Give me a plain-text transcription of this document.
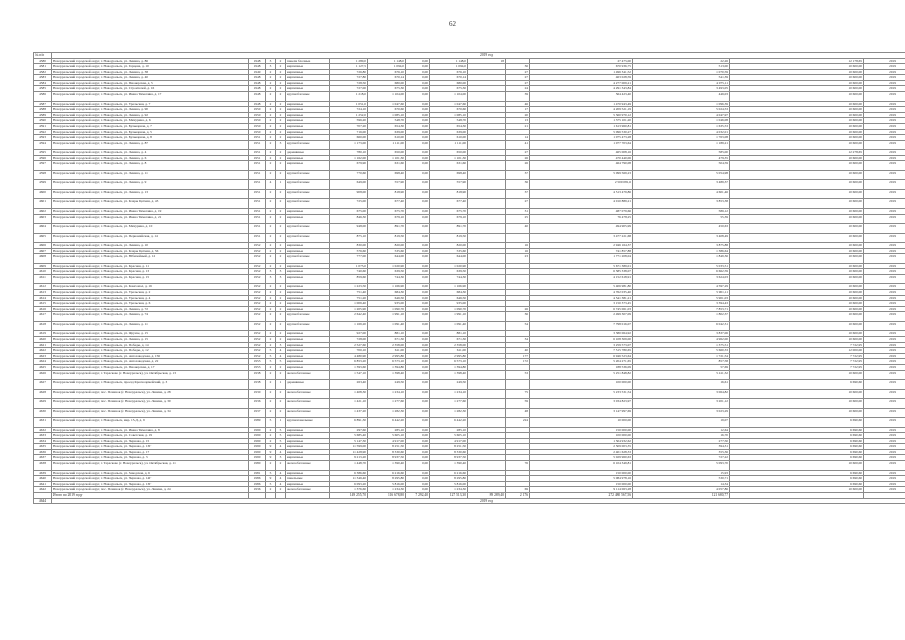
62
№ п/п	2019 год														
4580	Новоуральский городской округ, г. Новоуральск, ул. Ленина, д. 86	1948	3	2	панели блочные	1 280,0	1 148,0	0,00	1 148,0	18		27 475,00	22,26	12 178,65	2019
4581	Новоуральский городской округ, г. Новоуральск, ул. Герцена, д. 10	1948	3	2	кирпичные	1 127,5	1 094,0	0,00	1 094,0		36	670 936,75	513,00	10 600,00	2019
4582	Новоуральский городской округ, г. Новоуральск, ул. Ленина, д. 38	1949	2	2	кирпичные	726,80	676,10	0,00	676,10		27	1 496 341,52	1 070,59	10 600,00	2019
4583	Новоуральский городской округ, г. Новоуральск, ул. Ленина, д. 40	1948	2	2	кирпичные	727,80	670,14	0,00	670,14		27	463 028,59	541,39	10 600,00	2019
4584	Новоуральский городской округ, г. Новоуральск, ул. Пионерская, д. 5	1948	2	2	кирпичные	728,50	680,00	0,00	680,00		27	4 277 009,21	4 075,11	10 600,00	2019
4585	Новоуральский городской округ, г. Новоуральск, ул. Строителей, д. 16	1948	2	2	кирпичные	727,00	675,30	0,00	675,30		24	4 291 343,84	3 493,05	10 600,00	2019
4586	Новоуральский городской округ, г. Новоуральск, ул. Ивана Тимохина, д. 17	1948	2	2	крупноблочные	1 218,0	1 104,00	0,00	1 104,00		39	564 423,40	446,03	10 600,00	2019
4587	Новоуральский городской округ, г. Новоуральск, ул. Уральская, д. 7	1948	2	2	кирпичные	1 051,0	1 047,60	0,00	1 047,60		46	1 470 943,49	1 096,39	10 600,00	2019
4588	Новоуральский городской округ, г. Новоуральск, ул. Ленина, д. 90	1950	2	2	кирпичные	724,10	670,60	0,00	670,60		17	4 209 521,19	5 024,53	10 600,00	2019
4589	Новоуральский городской округ, г. Новоуральск, ул. Ленина, д. 92	1950	2	2	кирпичные	1 252,0	1 085,10	0,00	1 085,10		20	5 360 970,12	4 047,97	10 600,00	2019
4590	Новоуральский городской округ, г. Новоуральск, ул. Мичурина, д. 6	1950	2	2	кирпичные	596,20	548,70	0,00	548,70		13	1 375 101,20	1 046,08	10 600,00	2019
4591	Новоуральский городской округ, г. Новоуральск, ул. Бульварная, д. 7	1950	2	2	кирпичные	707,20	654,30	0,00	654,30		21	1 613 960,81	1 635,53	10 600,00	2019
4592	Новоуральский городской округ, г. Новоуральск, ул. Бульварная, д. 5	1950	2	2	кирпичные	716,00	639,00	0,00	639,00			5 096 530,27	4 032,01	10 600,00	2019
4593	Новоуральский городской округ, г. Новоуральск, ул. Бульварная, д. 8	1951	2	2	кирпичные	660,00	610,00	0,00	610,00		14	1 075 473,28	1 763,08	10 600,00	2019
4594	Новоуральский городской округ, г. Новоуральск, ул. Ленина, д. 87	1951	2	3	крупноблочные	1 173,00	1 111,00	0,00	1 111,00		41	1 077 703,64	1 189,21	10 600,00	2019
4595	Новоуральский городской округ, г. Новоуральск, ул. Ленина, д. 4	1951	2	2	деревянные	780,10	650,00	0,00	650,00		27	465 008,16	585,00	12 278,65	2019
4596	Новоуральский городской округ, г. Новоуральск, ул. Ленина, д. 6	1951	2	2	кирпичные	1 162,00	1 101,30	0,00	1 101,30		26	470 440,06	479,35	10 600,00	2019
4597	Новоуральский городской округ, г. Новоуральск, ул. Ленина, д. 8	1951	2	2	кирпичные	679,90	631,60	0,00	631,60		26	464 790,08	504,59	10 600,00	2019
4598	Новоуральский городской округ, г. Новоуральск, ул. Ленина, д. 11	1951	2	2	крупноблочные	770,60	698,40	0,00	698,40		37	5 099 569,23	5 054,98	10 600,00	2019
4599	Новоуральский городской округ, г. Новоуральск, ул. Ленина, д. 9	1951	4	1	крупноблочные	649,00	557,90	0,00	557,90		36	2 500 081,6	3 489,37	10 600,00	2019
4600	Новоуральский городской округ, г. Новоуральск, ул. Ленина, д. 13	1951	2	2	крупноблочные	908,00	818,90	0,00	818,90		37	4 513 479,86	4 601,46	10 600,00	2019
4601	Новоуральский городской округ, г. Новоуральск, ул. Клары Цеткин, д. 43	1951	2	2	крупноблочные	725,00	677,40	0,00	677,40		27	4 010 889,21	3 853,38	10 600,00	2019
4602	Новоуральский городской округ, г. Новоуральск, ул. Ивана Тимохина, д. 19	1951	2	2	кирпичные	675,00	675,70	0,00	675,70		31	487 079,66	586,12	10 600,00	2019
4603	Новоуральский городской округ, г. Новоуральск, ул. Ивана Тимохина, д. 21	1951	2	2	кирпичные	846,30	679,10	0,00	679,10		25	76 478,25	55,39	10 600,00	2019
4604	Новоуральский городской округ, г. Новоуральск, ул. Мичурина, д. 10	1951	2	2	крупноблочные	948,00	891,70	0,00	891,70		40	494 905,99	450,63	10 600,00	2019
4605	Новоуральский городской округ, г. Новоуральск, ул. Первомайская, д. 14	1951	2	2	крупноблочные	875,10	819,50	0,00	819,50			3 477 221,68	3 408,49	10 600,00	2019
4606	Новоуральский городской округ, г. Новоуральск, ул. Ленина, д. 10	1952	2	2	кирпичные	830,00	820,00	0,00	820,00		16	2 946 164,37	3 875,88	10 600,00	2019
4607	Новоуральский городской округ, г. Новоуральск, ул. Клары Цеткин, д. 56	1952	2	2	кирпичные	576,60	535,60	0,00	535,60		16	741 857,88	1 386,64	10 600,00	2019
4608	Новоуральский городской округ, г. Новоуральск, ул. Юбилейный, д. 12	1952	2	2	крупноблочные	777,00	644,00	0,00	644,00		23	1 771 208,04	1 849,36	10 600,00	2019
4609	Новоуральский городской округ, г. Новоуральск, ул. Красная, д. 11	1952	2	2	кирпичные	1 073,0	1 020,90	0,00	1 020,90			5 671 389,01	5 033,51	10 600,00	2019
4610	Новоуральский городской округ, г. Новоуральск, ул. Красная, д. 13	1952	3	3	кирпичные	740,60	639,50	0,00	639,50			6 585 338,07	6 662,59	10 600,00	2019
4611	Новоуральский городской округ, г. Новоуральск, ул. Красная, д. 15	1952	3	3	кирпичные	859,60	744,30	0,00	744,30			4 152 618,91	3 624,03	10 600,00	2019
4612	Новоуральский городской округ, г. Новоуральск, ул. Комсомол, д. 16	1952	2	2	кирпичные	1 223,50	1 166,90	0,00	1 166,90			5 406 981,80	4 597,29	10 600,00	2019
4613	Новоуральский городской округ, г. Новоуральск, ул. Уральская, д. 2	1952	2	2	кирпичные	751,40	684,30	0,00	684,30			4 762 035,40	5 901,11	10 600,00	2019
4614	Новоуральский городской округ, г. Новоуральск, ул. Уральская, д. 4	1952	2	2	кирпичные	751,20	646,50	0,00	646,50			4 541 381,21	5 901,03	10 600,00	2019
4615	Новоуральский городской округ, г. Новоуральск, ул. Уральская, д. 6	1952	2	2	кирпичные	1 009,40	935,00	0,00	935,00			3 150 373,45	3 394,43	10 600,00	2019
4616	Новоуральский городской округ, г. Новоуральск, ул. Ленина, д. 72	1952	2	2	кирпичные	1 205,90	1 090,70	0,00	1 090,70		26	6 745 061,03	7 853,71	10 600,00	2019
4617	Новоуральский городской округ, г. Новоуральск, ул. Ленина, д. 74	1952	2	2	крупноблочные	2 642,40	1 991,10	0,00	1 991,10		36	2 499 307,09	1 802,37	10 600,00	2019
4618	Новоуральский городской округ, г. Новоуральск, ул. Ленина, д. 11	1952	2	2	крупноблочные	1 169,20	1 091,40	0,00	1 091,40		54	7 798 016,07	6 042,31	10 600,00	2019
4619	Новоуральский городской округ, г. Новоуральск, ул. Фрунзе, д. 15	1952	2	2	кирпичные	927,00	881,10	0,00	881,10			3 380 064,92	3 837,06	10 600,00	2019
4620	Новоуральский городской округ, г. Новоуральск, ул. Ленина, д. 15	1952	2	2	кирпичные	728,00	671,30	0,00	671,30		34	6 108 309,00	4 962,00	10 600,00	2019
4621	Новоуральский городской округ, г. Новоуральск, ул. Победы, д. 14	1952	2	3	кирпичные	2 527,60	2 358,00	0,00	2 358,00			3 259 573,07	1 375,51	7 722,95	2019
4622	Новоуральский городской округ, г. Новоуральск, ул. Победы, д. 12	1952	5	4	кирпичные	700,10	611,00	0,00	611,00		40	7 515 780,65	5 660,33	12 000,00	2019
4623	Новоуральский городской округ, г. Новоуральск, ул. Автозаводская, д. 156	1952	5	4	кирпичные	4 480,90	2 995,80	0,00	2 995,80		177	6 946 523,64	1 721,54	7 722,95	2019
4624	Новоуральский городской округ, г. Новоуральск, ул. Автозаводская, д. 22	1953	5	5	кирпичные	6 853,20	6 573,10	0,00	6 573,10		172	5 204 271,65	857,58	7 722,95	2019
4625	Новоуральский городской округ, г. Новоуральск, ул. Пионерская, д. 17	1953	2	2	кирпичные	1 393,60	1 394,80	0,00	1 394,80			188 536,09	57,69	7 722,95	2019
4626	Новоуральский городской округ, г. Тарасково (г. Новоуральск), ул. Октябрьская, д. 13	1938	2	2	железобетонные	1 547,10	1 398,40	0,00	1 398,40		53	5 251 848,82	5 411,32	10 600,00	2019
4627	Новоуральский городской округ, г. Новоуральск, проезд Красноармейский, д. 3	1938	2	1	деревянные	263,40	249,50	0,00	249,50			100 000,00	16,61	6 690,60	2019
4628	Новоуральский городской округ, пос. Починок (г. Новоуральск), ул. Ленина, д. 28	1930	2	2	железобетонные	1 408,30	1 234,10	0,00	1 234,10		75	5 233 531,54	3 064,82	10 600,00	2019
4629	Новоуральский городской округ, пос. Починок (г. Новоуральск), ул. Ленина, д. 30	1936	2	2	железобетонные	1 421,10	1 277,60	0,00	1 277,60		59	3 034 823,97	3 201,12	10 600,00	2019
4630	Новоуральский городской округ, пос. Починок (г. Новоуральск), ул. Ленина, д. 34	1937	2	2	железобетонные	1 437,20	1 282,30	0,00	1 282,30		48	3 147 997,69	3 023,29	10 600,00	2019
4631	Новоуральский городской округ, г. Новоуральск, мкр. 15-Д, д. 9	1989	5	1	крупнопанельные	6 891,30	6 442,20	0,00	6 442,20		224	10 000,00	19,07	6 690,60	2019
4632	Новоуральский городской округ, г. Новоуральск, ул. Ивана Тимохина, д. 8	1990	2	5	кирпичные	297,60	285,10	0,00	285,10			150 000,00	12,64	6 690,60	2019
4633	Новоуральский городской округ, г. Новоуральск, ул. Советская, д. 19	1990	2	5	кирпичные	5 685,40	5 605,10	0,00	5 605,10			100 000,00	16,70	6 690,60	2019
4634	Новоуральский городской округ, г. Новоуральск, ул. Чернова, д. 15	1990	2	5	кирпичные	5 147,30	4 917,00	0,00	4 917,00			1 504 932,62	277,50	6 690,60	2019
4635	Новоуральский городской округ, г. Новоуральск, ул. Чернова, д. 13Г	1990	9	4	кирпичные	11 599,00	8 251,50	0,00	8 251,50			2 509 003,35	394,31	6 690,60	2019
4636	Новоуральский городской округ, г. Новоуральск, ул. Чернова, д. 17	1990	9	4	кирпичные	11 428,90	8 330,60	0,00	8 330,60			2 401 628,33	355,36	6 690,60	2019
4637	Новоуральский городской округ, г. Новоуральск, ул. Чернова, д. 3	1990	9	3	кирпичные	9 213,20	8 937,50	0,00	8 937,50			5 029 960,63	727,22	6 690,60	2019
4638	Новоуральский городской округ, г. Тарасково (г. Новоуральск), ул. Октябрьская, д. 11	1980	2	2	железобетонные	1 448,70	1 390,40	0,00	1 390,40		76	6 104 349,81	5 093,70	10 600,00	2019
4639	Новоуральский городской округ, г. Новоуральск, ул. Заводская, д. 6	1981	5	4	кирпичные	6 386,60	6 216,60	0,00	6 216,60			150 000,00	15,93	6 690,60	2019
4640	Новоуральский городской округ, г. Новоуральск, ул. Чернова, д. 14Г	1986	9	4	панельные	11 346,40	8 295,80	0,00	8 295,80			5 084 978,16	530,71	6 690,60	2019
4641	Новоуральский городской округ, г. Новоуральск, ул. Чернова, д. 13Г	1986	5	4	кирпичные	6 093,20	5 816,00	0,00	5 816,00			150 000,00	14,34	6 690,60	2019
4642	Новоуральский городской округ, пос. Починок (г. Новоуральск), ул. Ленина, д. 24	1936	2	2	железобетонные	1 376,60	1 234,30	0,00	1 234,30		69	9 114 063,28	4 057,86	10 600,00	2019
	Итого по 2019 году					149 255,70	116 678,80	7 292,40	127 513,30	89 289,40	2 176	272 480 567,56	121 680,77		
4644	2019 год														
